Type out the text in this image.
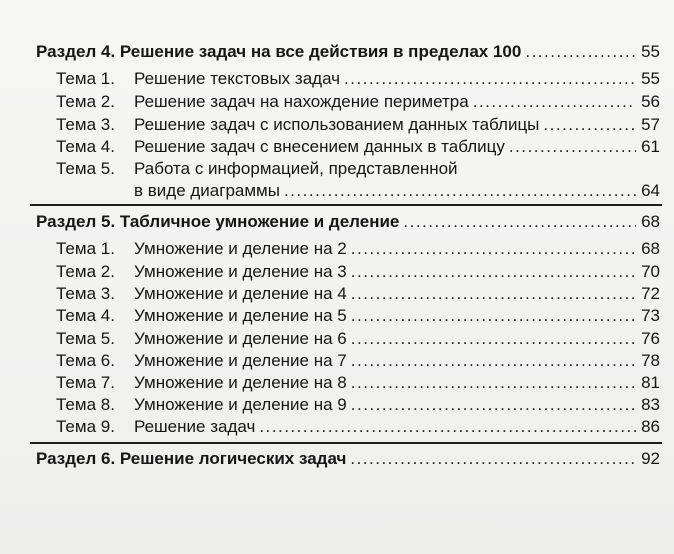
Раздел 4. Решение задач на все действия в пределах 100 .....	55
Тема 1.	Решение текстовых задач .....	55
Тема 2.	Решение задач на нахождение периметра .....	56
Тема 3.	Решение задач с использованием данных таблицы .....	57
Тема 4.	Решение задач с внесением данных в таблицу .....	61
Тема 5.	Работа с информацией, представленной
в виде диаграммы .....	64
Раздел 5. Табличное умножение и деление .....	68
Тема 1.	Умножение и деление на 2 .....	68
Тема 2.	Умножение и деление на 3 .....	70
Тема 3.	Умножение и деление на 4 .....	72
Тема 4.	Умножение и деление на 5 .....	73
Тема 5.	Умножение и деление на 6 .....	76
Тема 6.	Умножение и деление на 7 .....	78
Тема 7.	Умножение и деление на 8 .....	81
Тема 8.	Умножение и деление на 9 .....	83
Тема 9.	Решение задач .....	86
Раздел 6. Решение логических задач .....	92
